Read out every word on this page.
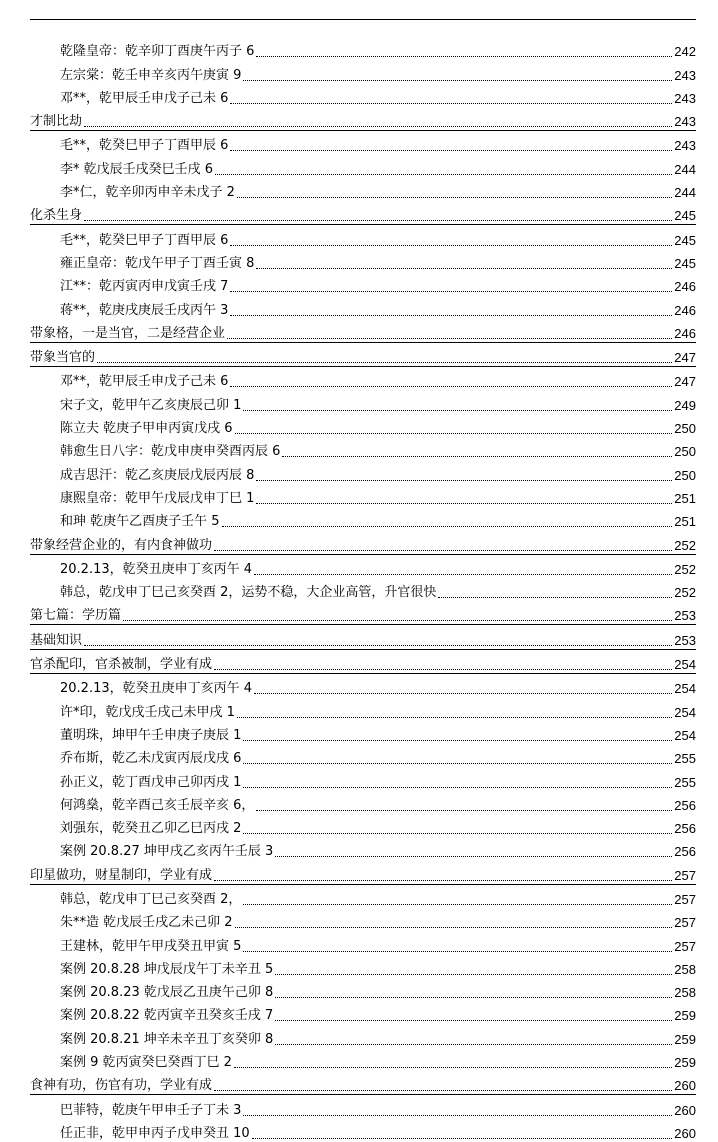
乾隆皇帝：乾辛卯丁酉庚午丙子 6	242
左宗棠：乾壬申辛亥丙午庚寅 9	243
邓**，乾甲辰壬申戊子己未 6	243
才制比劫	243
毛**，乾癸巳甲子丁酉甲辰 6	243
李* 乾戊辰壬戌癸巳壬戌 6	244
李*仁，乾辛卯丙申辛未戊子 2	244
化杀生身	245
毛**，乾癸巳甲子丁酉甲辰 6	245
雍正皇帝：乾戊午甲子丁酉壬寅 8	245
江**：乾丙寅丙申戊寅壬戌 7	246
蒋**，乾庚戌庚辰壬戌丙午 3	246
带象格，一是当官，二是经营企业	246
带象当官的	247
邓**，乾甲辰壬申戊子己未 6	247
宋子文，乾甲午乙亥庚辰己卯 1	249
陈立夫 乾庚子甲申丙寅戊戌 6	250
韩愈生日八字：乾戊申庚申癸酉丙辰 6	250
成吉思汗：乾乙亥庚辰戊辰丙辰 8	250
康熙皇帝：乾甲午戊辰戊申丁巳 1	251
和珅 乾庚午乙酉庚子壬午 5	251
带象经营企业的，有内食神做功	252
20.2.13，乾癸丑庚申丁亥丙午 4	252
韩总，乾戊申丁巳己亥癸酉 2，运势不稳，大企业高管，升官很快	252
第七篇：学历篇	253
基础知识	253
官杀配印，官杀被制，学业有成	254
20.2.13，乾癸丑庚申丁亥丙午 4	254
许*印，乾戊戌壬戌己未甲戌 1	254
董明珠，坤甲午壬申庚子庚辰 1	254
乔布斯，乾乙未戊寅丙辰戊戌 6	255
孙正义，乾丁酉戊申己卯丙戌 1	255
何鸿燊，乾辛酉己亥壬辰辛亥 6，	256
刘强东，乾癸丑乙卯乙巳丙戌 2	256
案例 20.8.27 坤甲戌乙亥丙午壬辰 3	256
印星做功，财星制印，学业有成	257
韩总，乾戊申丁巳己亥癸酉 2，	257
朱**造 乾戊辰壬戌乙未己卯 2	257
王建林，乾甲午甲戌癸丑甲寅 5	257
案例 20.8.28 坤戊辰戊午丁未辛丑 5	258
案例 20.8.23 乾戊辰乙丑庚午己卯 8	258
案例 20.8.22 乾丙寅辛丑癸亥壬戌 7	259
案例 20.8.21 坤辛未辛丑丁亥癸卯 8	259
案例 9 乾丙寅癸巳癸酉丁巳 2	259
食神有功，伤官有功，学业有成	260
巴菲特，乾庚午甲申壬子丁未 3	260
任正非，乾甲申丙子戊申癸丑 10	260
